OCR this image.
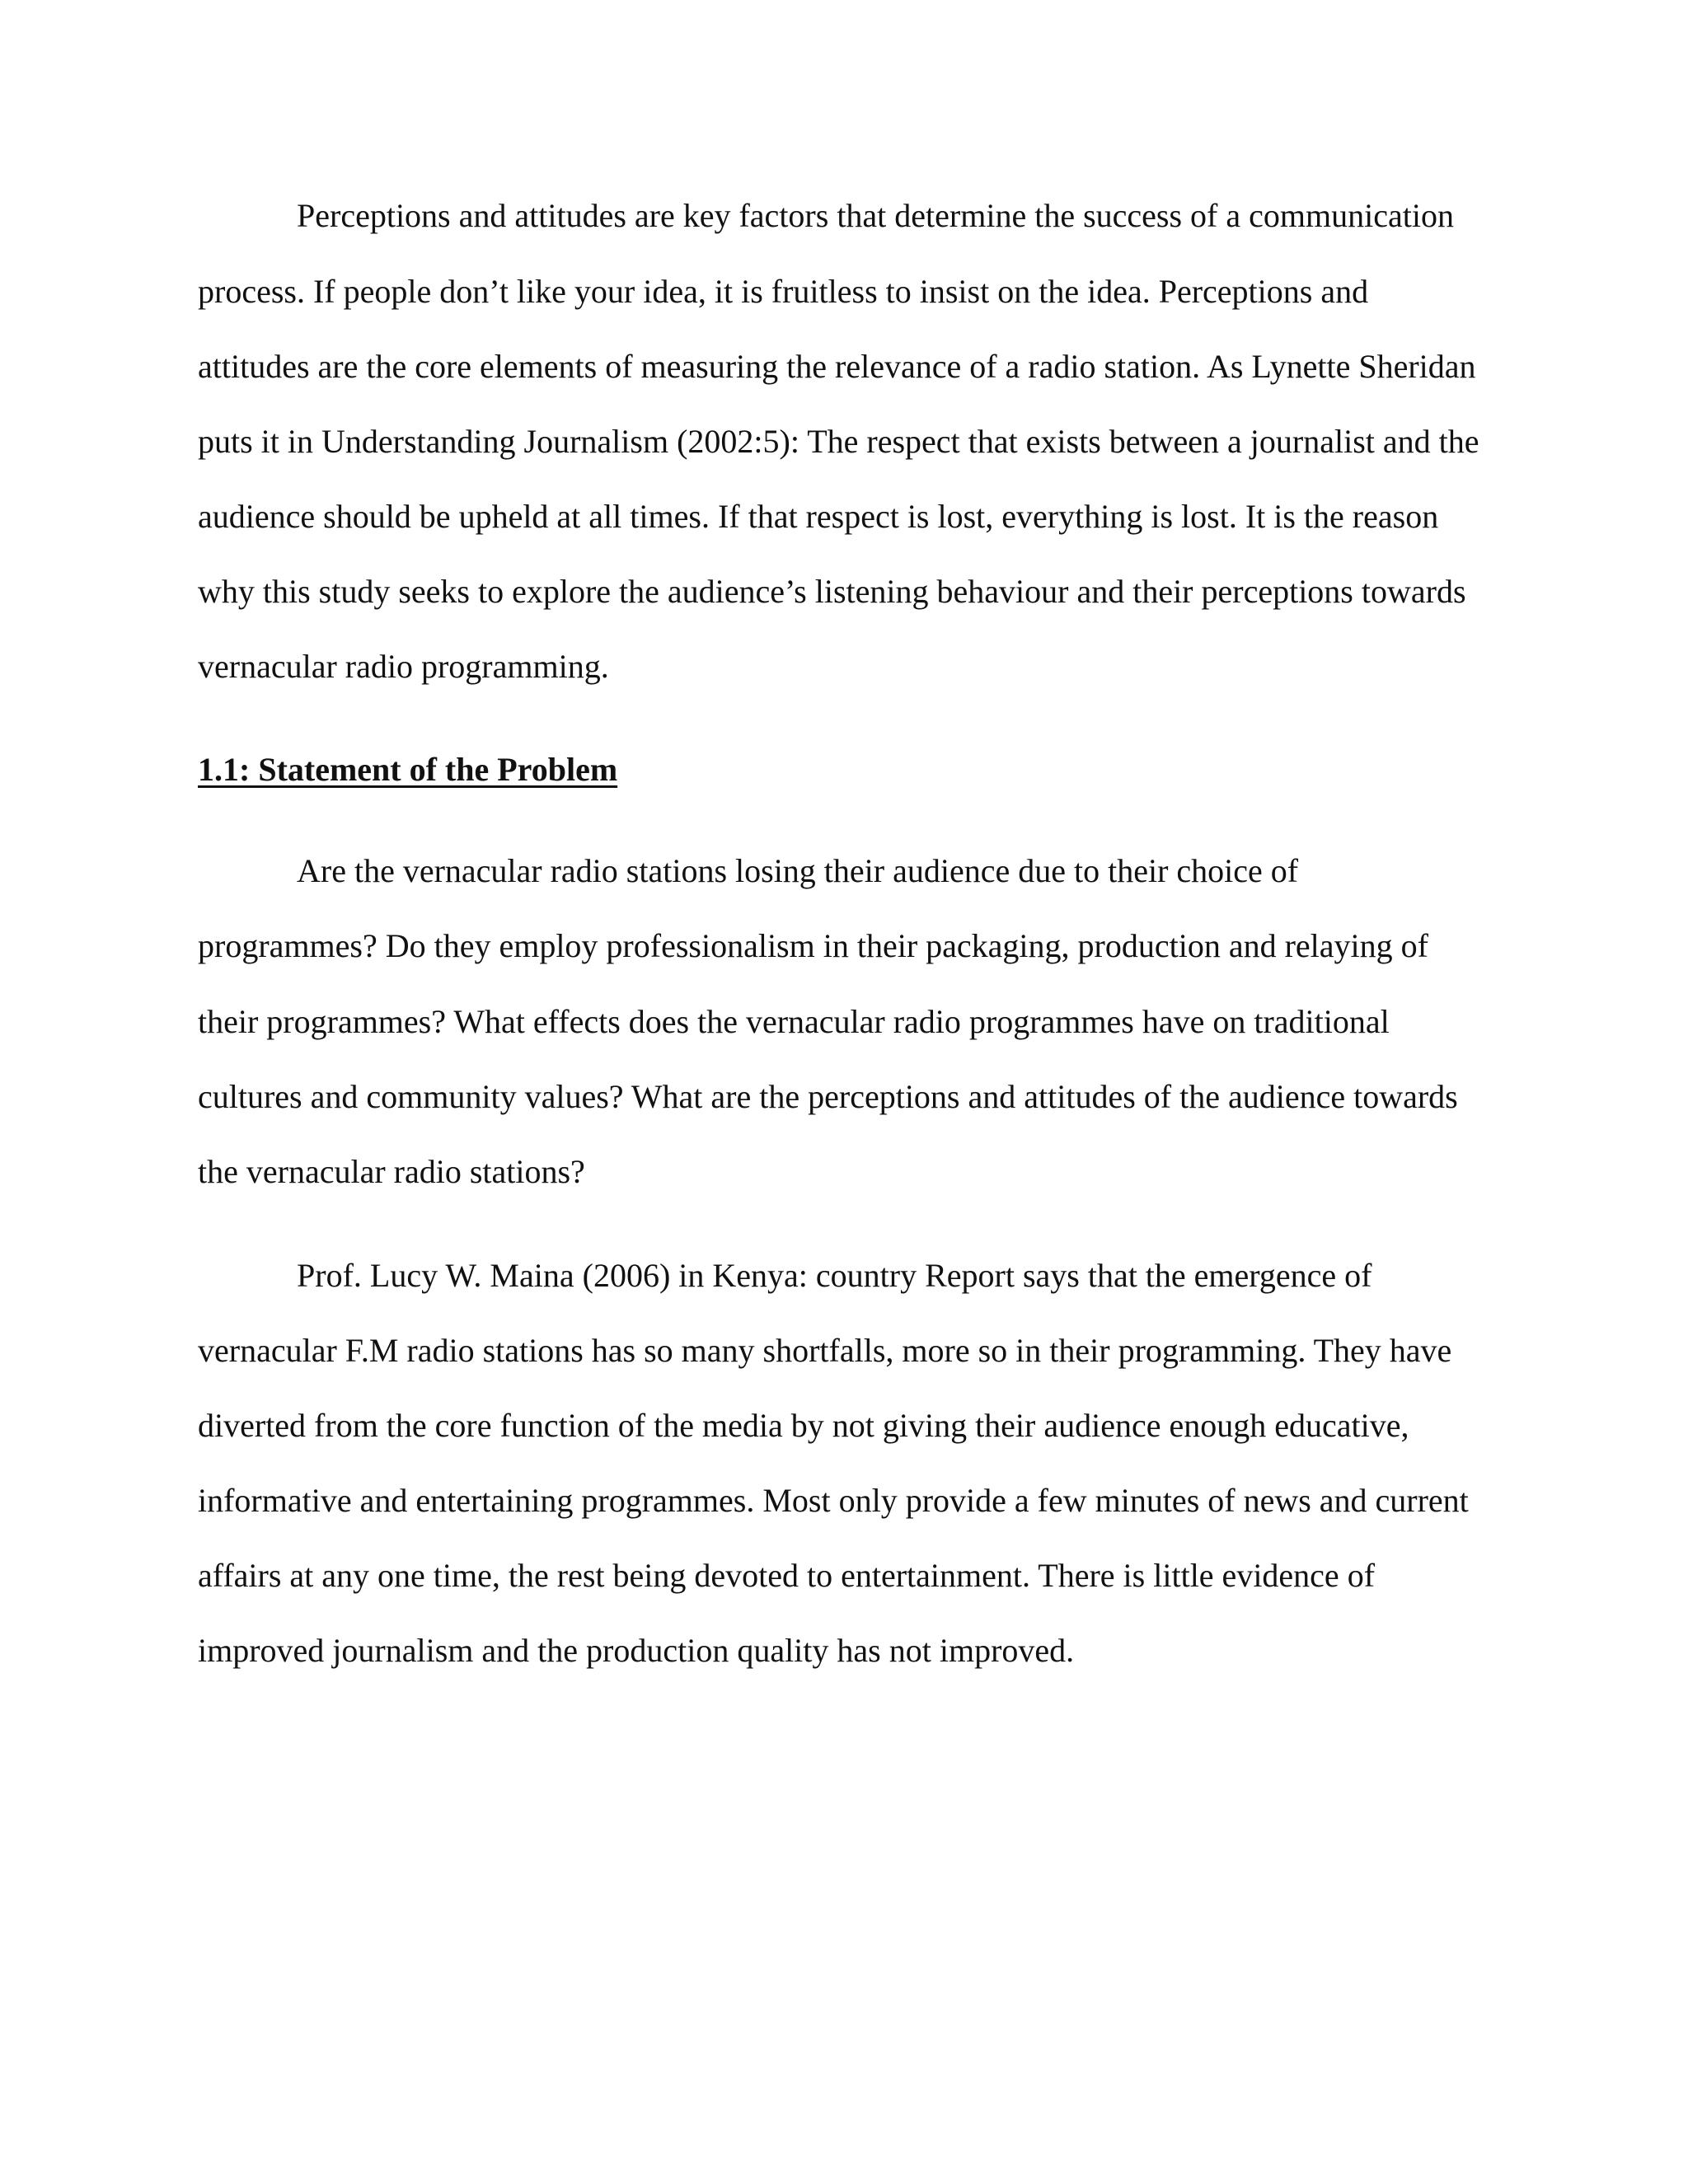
Perceptions and attitudes are key factors that determine the success of a communication

process. If people don’t like your idea, it is fruitless to insist on the idea. Perceptions and

attitudes are the core elements of measuring the relevance of a radio station. As Lynette Sheridan

puts it in Understanding Journalism (2002:5): The respect that exists between a journalist and the

audience should be upheld at all times. If that respect is lost, everything is lost. It is the reason

why this study seeks to explore the audience’s listening behaviour and their perceptions towards

vernacular radio programming.

1.1: Statement of the Problem

Are the vernacular radio stations losing their audience due to their choice of

programmes? Do they employ professionalism in their packaging, production and relaying of

their programmes? What effects does the vernacular radio programmes have on traditional

cultures and community values? What are the perceptions and attitudes of the audience towards

the vernacular radio stations?

Prof. Lucy W. Maina (2006) in Kenya: country Report says that the emergence of

vernacular F.M radio stations has so many shortfalls, more so in their programming. They have

diverted from the core function of the media by not giving their audience enough educative,

informative and entertaining programmes. Most only provide a few minutes of news and current

affairs at any one time, the rest being devoted to entertainment. There is little evidence of

improved journalism and the production quality has not improved.
